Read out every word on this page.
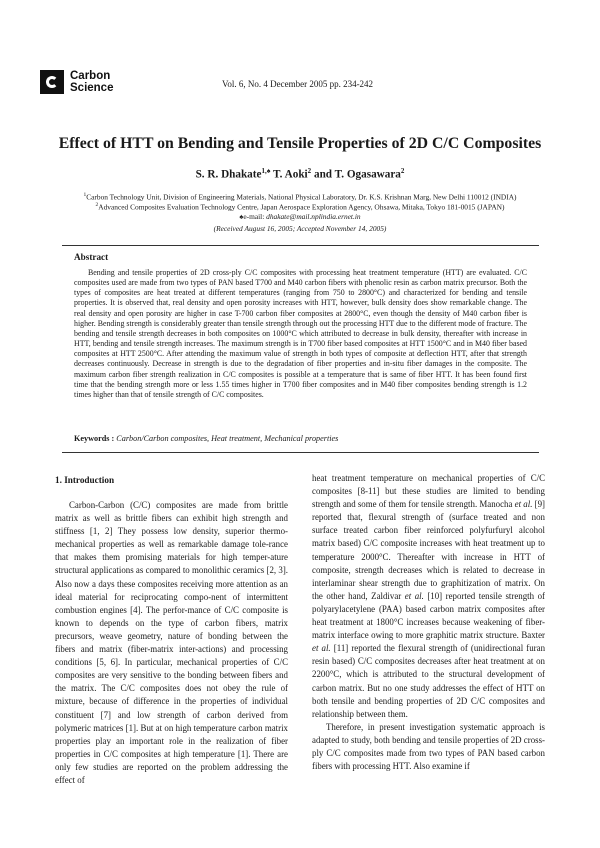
Carbon
Science	Vol. 6, No. 4 December 2005 pp. 234-242
Effect of HTT on Bending and Tensile Properties of 2D C/C Composites
S. R. Dhakate$^{1,♠}$ T. Aoki$^2$ and T. Ogasawara$^2$
$^1$Carbon Technology Unit, Division of Engineering Materials, National Physical Laboratory, Dr. K.S. Krishnan Marg, New Delhi 110012 (INDIA)
$^2$Advanced Composites Evaluation Technology Centre, Japan Aerospace Exploration Agency, Ohsawa, Mitaka, Tokyo 181-0015 (JAPAN)
♠e-mail: dhakate@mail.nplindia.ernet.in
(Received August 16, 2005; Accepted November 14, 2005)
Abstract
Bending and tensile properties of 2D cross-ply C/C composites with processing heat treatment temperature (HTT) are evaluated. C/C composites used are made from two types of PAN based T700 and M40 carbon fibers with phenolic resin as carbon matrix precursor. Both the types of composites are heat treated at different temperatures (ranging from 750 to 2800°C) and characterized for bending and tensile properties. It is observed that, real density and open porosity increases with HTT, however, bulk density does show remarkable change. The real density and open porosity are higher in case T-700 carbon fiber composites at 2800°C, even though the density of M40 carbon fiber is higher. Bending strength is considerably greater than tensile strength through out the processing HTT due to the different mode of fracture. The bending and tensile strength decreases in both composites on 1000°C which attributed to decrease in bulk density, thereafter with increase in HTT, bending and tensile strength increases. The maximum strength is in T700 fiber based composites at HTT 1500°C and in M40 fiber based composites at HTT 2500°C. After attending the maximum value of strength in both types of composite at deflection HTT, after that strength decreases continuously. Decrease in strength is due to the degradation of fiber properties and in-situ fiber damages in the composite. The maximum carbon fiber strength realization in C/C composites is possible at a temperature that is same of fiber HTT. It has been found first time that the bending strength more or less 1.55 times higher in T700 fiber composites and in M40 fiber composites bending strength is 1.2 times higher than that of tensile strength of C/C composites.
Keywords : Carbon/Carbon composites, Heat treatment, Mechanical properties
1. Introduction

Carbon-Carbon (C/C) composites are made from brittle matrix as well as brittle fibers can exhibit high strength and stiffness [1, 2] They possess low density, superior thermo-mechanical properties as well as remarkable damage tole-rance that makes them promising materials for high temper-ature structural applications as compared to monolithic ceramics [2, 3]. Also now a days these composites receiving more attention as an ideal material for reciprocating compo-nent of intermittent combustion engines [4]. The perfor-mance of C/C composite is known to depends on the type of carbon fibers, matrix precursors, weave geometry, nature of bonding between the fibers and matrix (fiber-matrix inter-actions) and processing conditions [5, 6]. In particular, mechanical properties of C/C composites are very sensitive to the bonding between fibers and the matrix. The C/C composites does not obey the rule of mixture, because of difference in the properties of individual constituent [7] and low strength of carbon derived from polymeric matrices [1]. But at on high temperature carbon matrix properties play an important role in the realization of fiber properties in C/C composites at high temperature [1]. There are only few studies are reported on the problem addressing the effect of

heat treatment temperature on mechanical properties of C/C composites [8-11] but these studies are limited to bending strength and some of them for tensile strength. Manocha et al. [9] reported that, flexural strength of (surface treated and non surface treated carbon fiber reinforced polyfurfuryl alcohol matrix based) C/C composite increases with heat treatment up to temperature 2000°C. Thereafter with increase in HTT of composite, strength decreases which is related to decrease in interlaminar shear strength due to graphitization of matrix. On the other hand, Zaldivar et al. [10] reported tensile strength of polyarylacetylene (PAA) based carbon matrix composites after heat treatment at 1800°C increases because weakening of fiber-matrix interface owing to more graphitic matrix structure. Baxter et al. [11] reported the flexural strength of (unidirectional furan resin based) C/C composites decreases after heat treatment at on 2200°C, which is attributed to the structural development of carbon matrix. But no one study addresses the effect of HTT on both tensile and bending properties of 2D C/C composites and relationship between them.

Therefore, in present investigation systematic approach is adapted to study, both bending and tensile properties of 2D cross-ply C/C composites made from two types of PAN based carbon fibers with processing HTT. Also examine if
